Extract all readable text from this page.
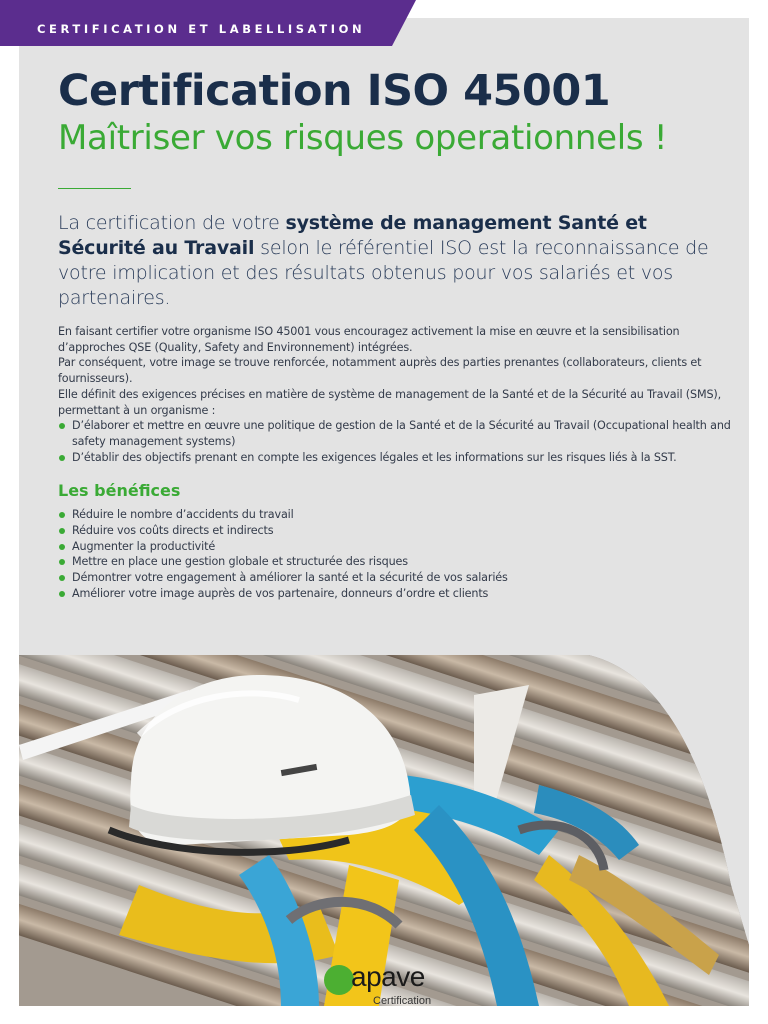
CERTIFICATION ET LABELLISATION
Certification ISO 45001
Maîtriser vos risques operationnels !

La certification de votre système de management Santé et Sécurité au Travail selon le référentiel ISO est la reconnaissance de votre implication et des résultats obtenus pour vos salariés et vos partenaires.

En faisant certifier votre organisme ISO 45001 vous encouragez activement la mise en œuvre et la sensibilisation d’approches QSE (Quality, Safety and Environnement) intégrées.

Par conséquent, votre image se trouve renforcée, notamment auprès des parties prenantes (collaborateurs, clients et fournisseurs).

Elle définit des exigences précises en matière de système de management de la Santé et de la Sécurité au Travail (SMS), permettant à un organisme :

D’élaborer et mettre en œuvre une politique de gestion de la Santé et de la Sécurité au Travail (Occupational health and safety management systems)
D’établir des objectifs prenant en compte les exigences légales et les informations sur les risques liés à la SST.
Les bénéfices
Réduire le nombre d’accidents du travail
Réduire vos coûts directs et indirects
Augmenter la productivité
Mettre en place une gestion globale et structurée des risques
Démontrer votre engagement à améliorer la santé et la sécurité de vos salariés
Améliorer votre image auprès de vos partenaire, donneurs d’ordre et clients
apave
Certification
